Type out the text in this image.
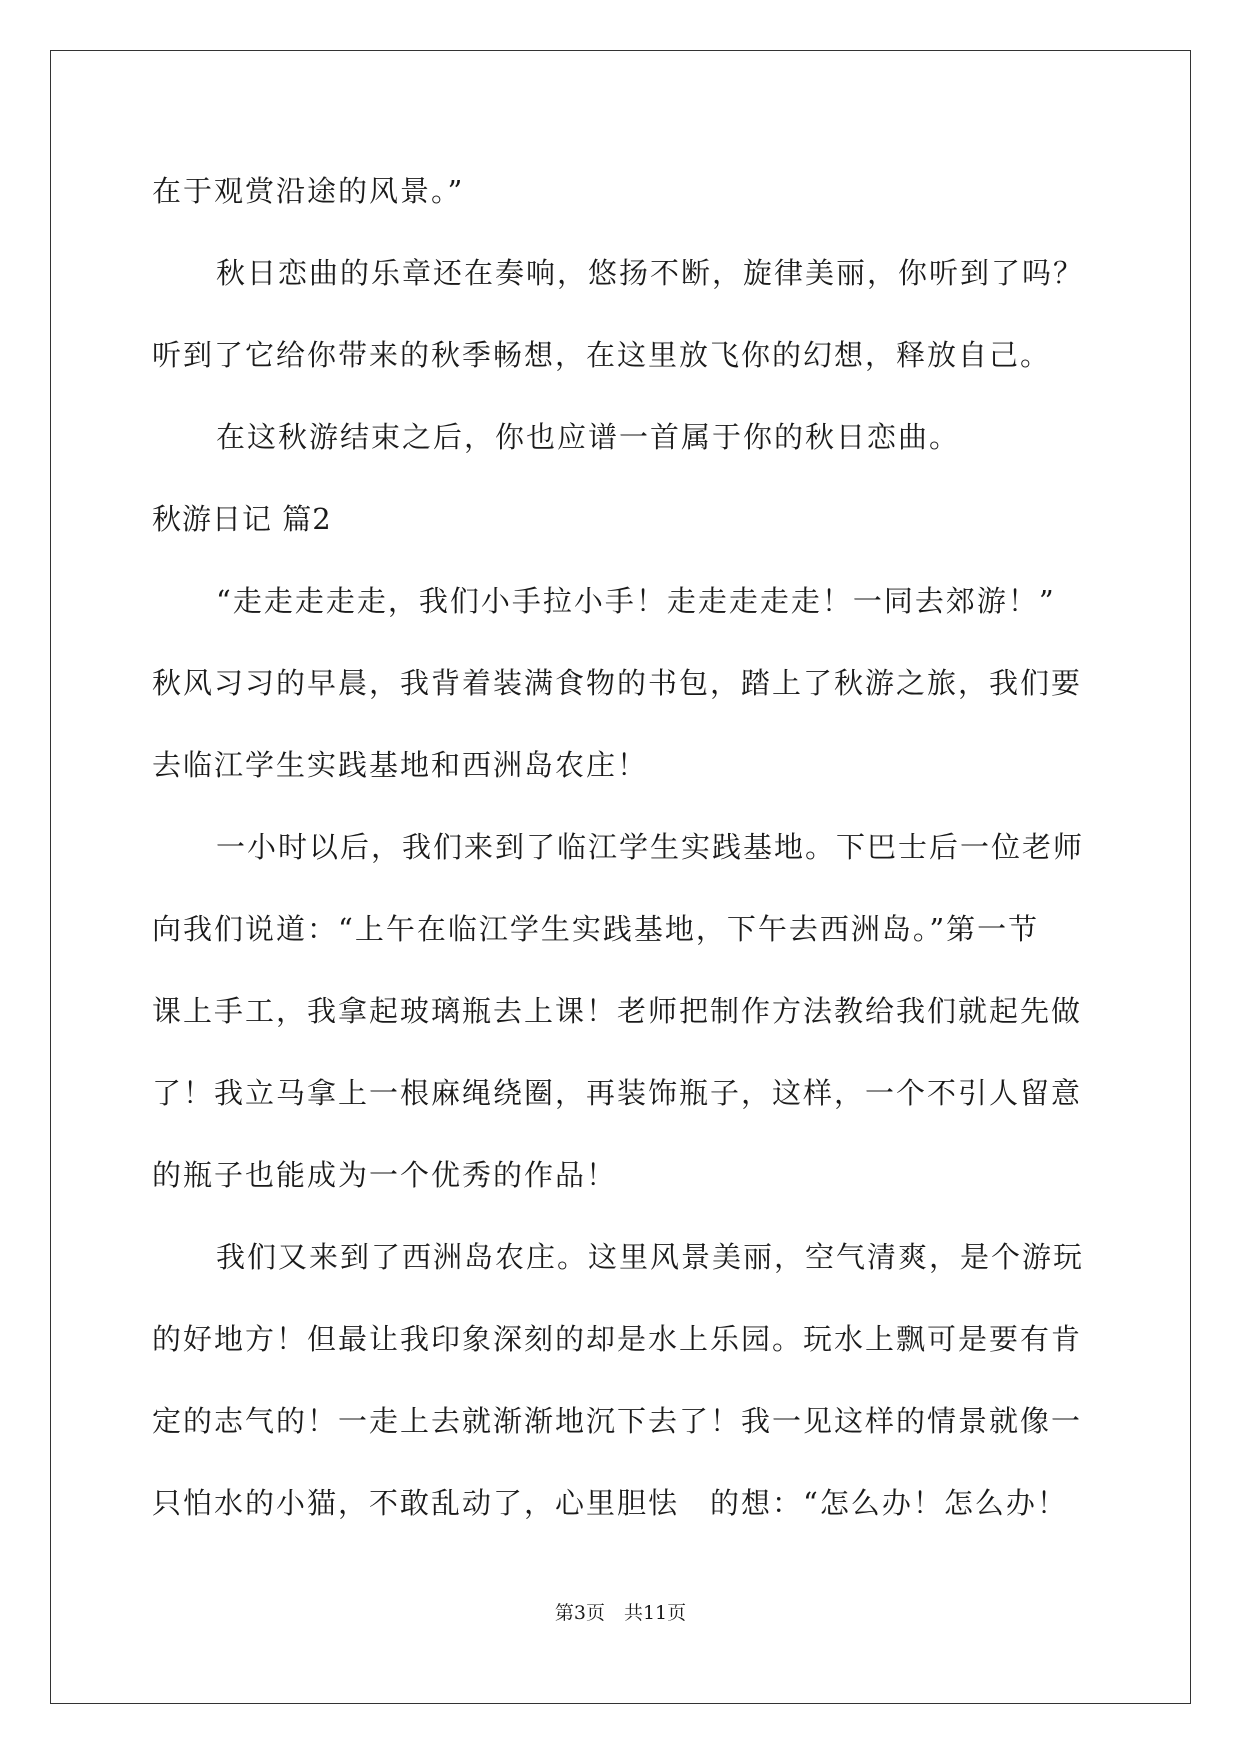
在于观赏沿途的风景。”

秋日恋曲的乐章还在奏响，悠扬不断，旋律美丽，你听到了吗？

听到了它给你带来的秋季畅想，在这里放飞你的幻想，释放自己。

在这秋游结束之后，你也应谱一首属于你的秋日恋曲。

秋游日记 篇2

“走走走走走，我们小手拉小手！走走走走走！一同去郊游！”

秋风习习的早晨，我背着装满食物的书包，踏上了秋游之旅，我们要

去临江学生实践基地和西洲岛农庄！

一小时以后，我们来到了临江学生实践基地。下巴士后一位老师

向我们说道：“上午在临江学生实践基地，下午去西洲岛。”第一节

课上手工，我拿起玻璃瓶去上课！老师把制作方法教给我们就起先做

了！我立马拿上一根麻绳绕圈，再装饰瓶子，这样，一个不引人留意

的瓶子也能成为一个优秀的作品！

我们又来到了西洲岛农庄。这里风景美丽，空气清爽，是个游玩

的好地方！但最让我印象深刻的却是水上乐园。玩水上飘可是要有肯

定的志气的！一走上去就渐渐地沉下去了！我一见这样的情景就像一

只怕水的小猫，不敢乱动了，心里胆怯　的想：“怎么办！怎么办！

第3页　共11页
